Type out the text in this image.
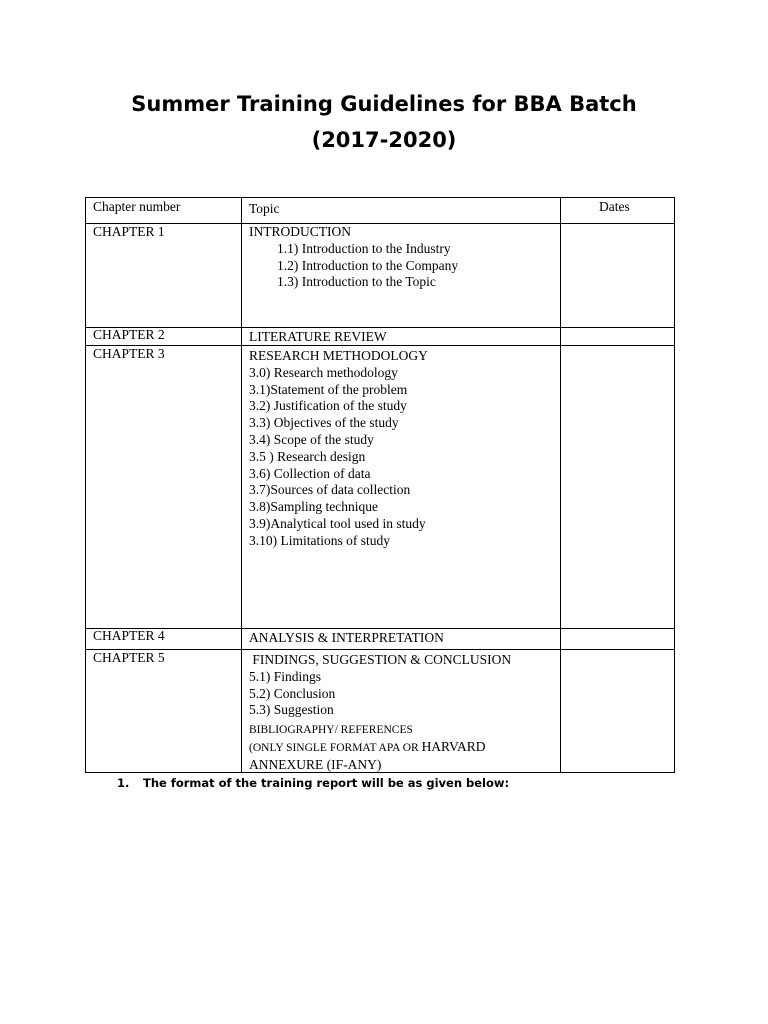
Summer Training Guidelines for BBA Batch
(2017-2020)
Chapter number	Topic	Dates
CHAPTER 1	INTRODUCTION
1.1) Introduction to the Industry
1.2) Introduction to the Company
1.3) Introduction to the Topic
CHAPTER 2	LITERATURE REVIEW
CHAPTER 3	RESEARCH METHODOLOGY
3.0) Research methodology
3.1)Statement of the problem
3.2) Justification of the study
3.3) Objectives of the study
3.4) Scope of the study
3.5 ) Research design
3.6) Collection of data
3.7)Sources of data collection
3.8)Sampling technique
3.9)Analytical tool used in study
3.10) Limitations of study
CHAPTER 4	ANALYSIS & INTERPRETATION
CHAPTER 5	FINDINGS, SUGGESTION & CONCLUSION
5.1) Findings
5.2) Conclusion
5.3) Suggestion
BIBLIOGRAPHY/ REFERENCES
(ONLY SINGLE FORMAT APA OR HARVARD
ANNEXURE (IF-ANY)
1. The format of the training report will be as given below:
